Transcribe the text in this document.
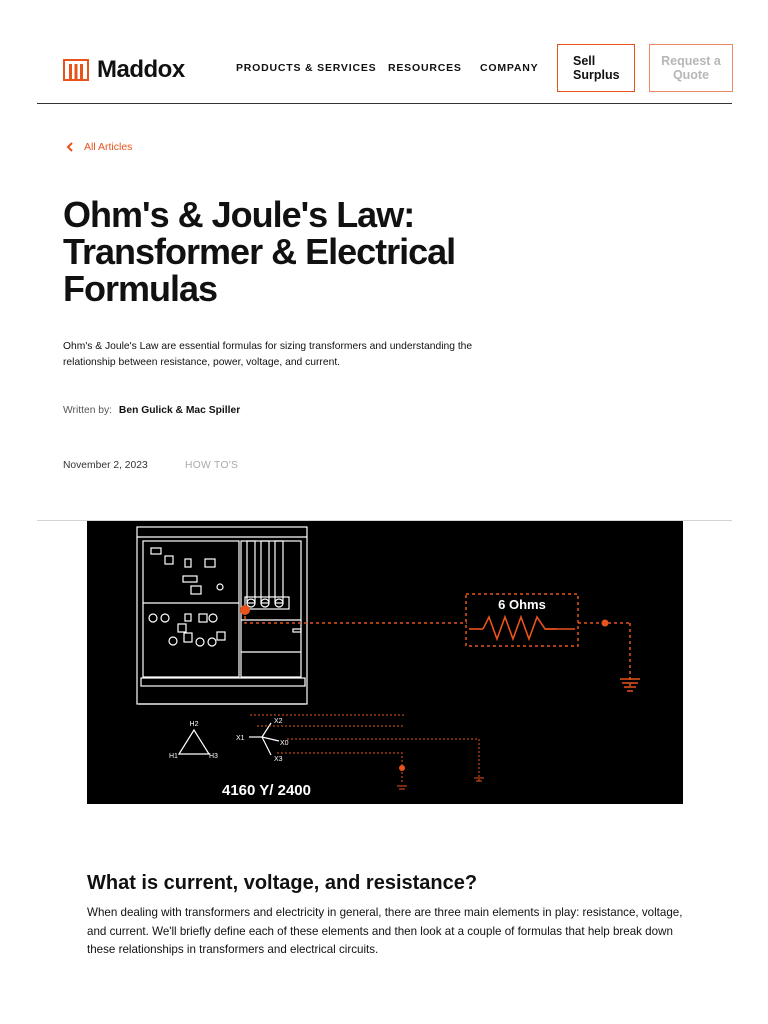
Maddox	PRODUCTS & SERVICES RESOURCES COMPANY	Sell Surplus
Request a Quote
All Articles
Ohm's & Joule's Law: Transformer & Electrical Formulas

Ohm's & Joule's Law are essential formulas for sizing transformers and understanding the relationship between resistance, power, voltage, and current.

Written by: Ben Gulick & Mac Spiller
November 2, 2023	HOW TO'S
6 Ohms
H2
H1	H3
X1
X2
X0
X3
4160 Y/ 2400
What is current, voltage, and resistance?

When dealing with transformers and electricity in general, there are three main elements in play: resistance, voltage, and current. We'll briefly define each of these elements and then look at a couple of formulas that help break down these relationships in transformers and electrical circuits.
